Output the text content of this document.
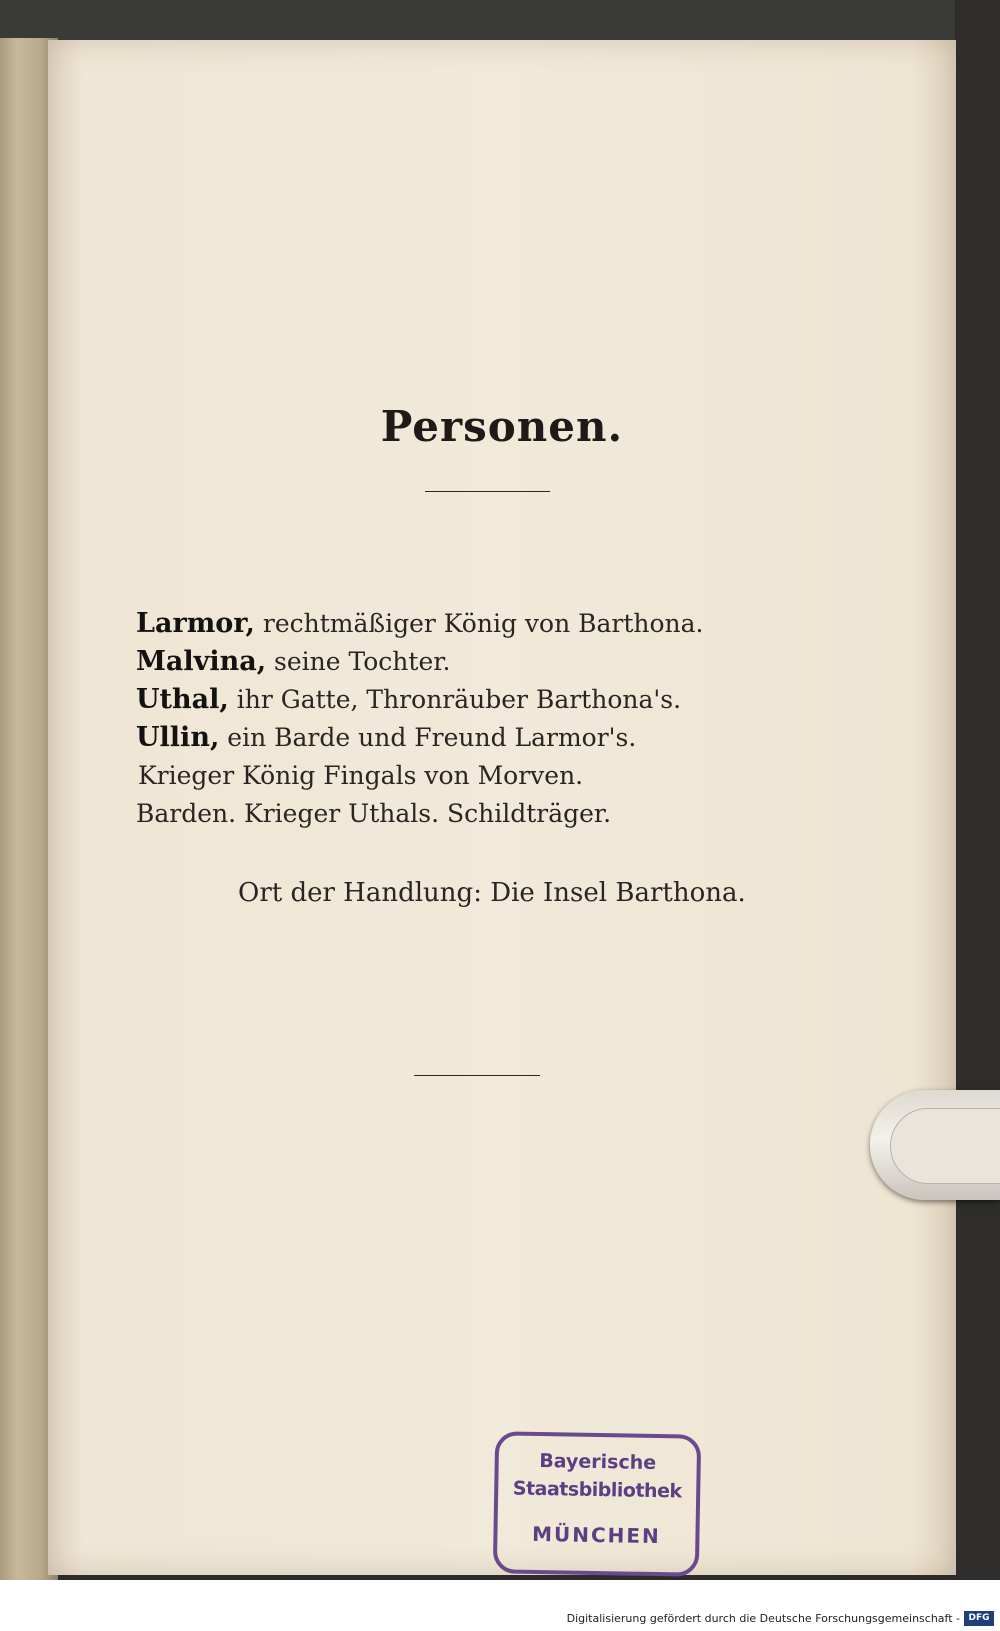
Personen.
Larmor, rechtmäßiger König von Barthona.
Malvina, seine Tochter.
Uthal, ihr Gatte, Thronräuber Barthona's.
Ullin, ein Barde und Freund Larmor's.
Krieger König Fingals von Morven.
Barden. Krieger Uthals. Schildträger.
Ort der Handlung: Die Insel Barthona.
Bayerische
Staatsbibliothek
MÜNCHEN
Digitalisierung gefördert durch die Deutsche Forschungsgemeinschaft - DFG
